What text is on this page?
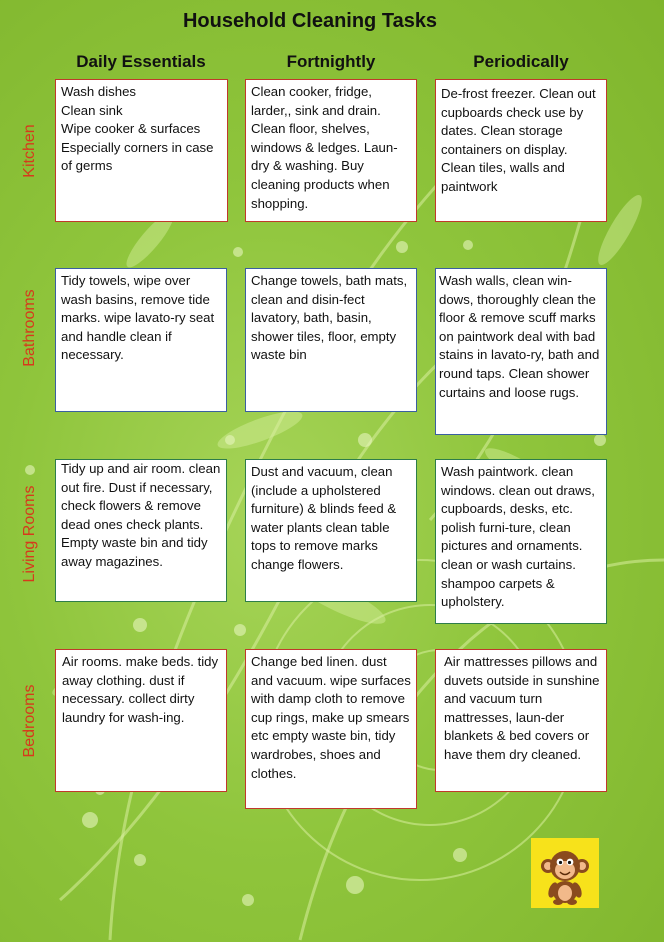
Household Cleaning Tasks
Daily Essentials	Fortnightly	Periodically
Kitchen
Bathrooms
Living Rooms
Bedrooms
Wash dishes
Clean sink
Wipe cooker & surfaces
Especially corners in case of germs
Clean cooker, fridge, larder,, sink and drain. Clean floor, shelves, windows & ledges. Laun-dry & washing. Buy cleaning products when shopping.
De-frost freezer. Clean out cupboards check use by dates. Clean storage containers on display. Clean tiles, walls and paintwork
Tidy towels, wipe over wash basins, remove tide marks. wipe lavato-ry seat and handle clean if necessary.
Change towels, bath mats, clean and disin-fect lavatory, bath, basin, shower tiles, floor, empty waste bin
Wash walls, clean win-dows, thoroughly clean the floor & remove scuff marks on paintwork deal with bad stains in lavato-ry, bath and round taps. Clean shower curtains and loose rugs.
Tidy up and air room. clean out fire. Dust if necessary, check flowers & remove dead ones check plants. Empty waste bin and tidy away magazines.
Dust and vacuum, clean (include a upholstered furniture) & blinds feed & water plants clean table tops to remove marks change flowers.
Wash paintwork. clean windows. clean out draws, cupboards, desks, etc. polish furni-ture, clean pictures and ornaments. clean or wash curtains. shampoo carpets & upholstery.
Air rooms. make beds. tidy away clothing. dust if necessary. collect dirty laundry for wash-ing.
Change bed linen. dust and vacuum. wipe surfaces with damp cloth to remove cup rings, make up smears etc empty waste bin, tidy wardrobes, shoes and clothes.
Air mattresses pillows and duvets outside in sunshine and vacuum turn mattresses, laun-der blankets & bed covers or have them dry cleaned.
